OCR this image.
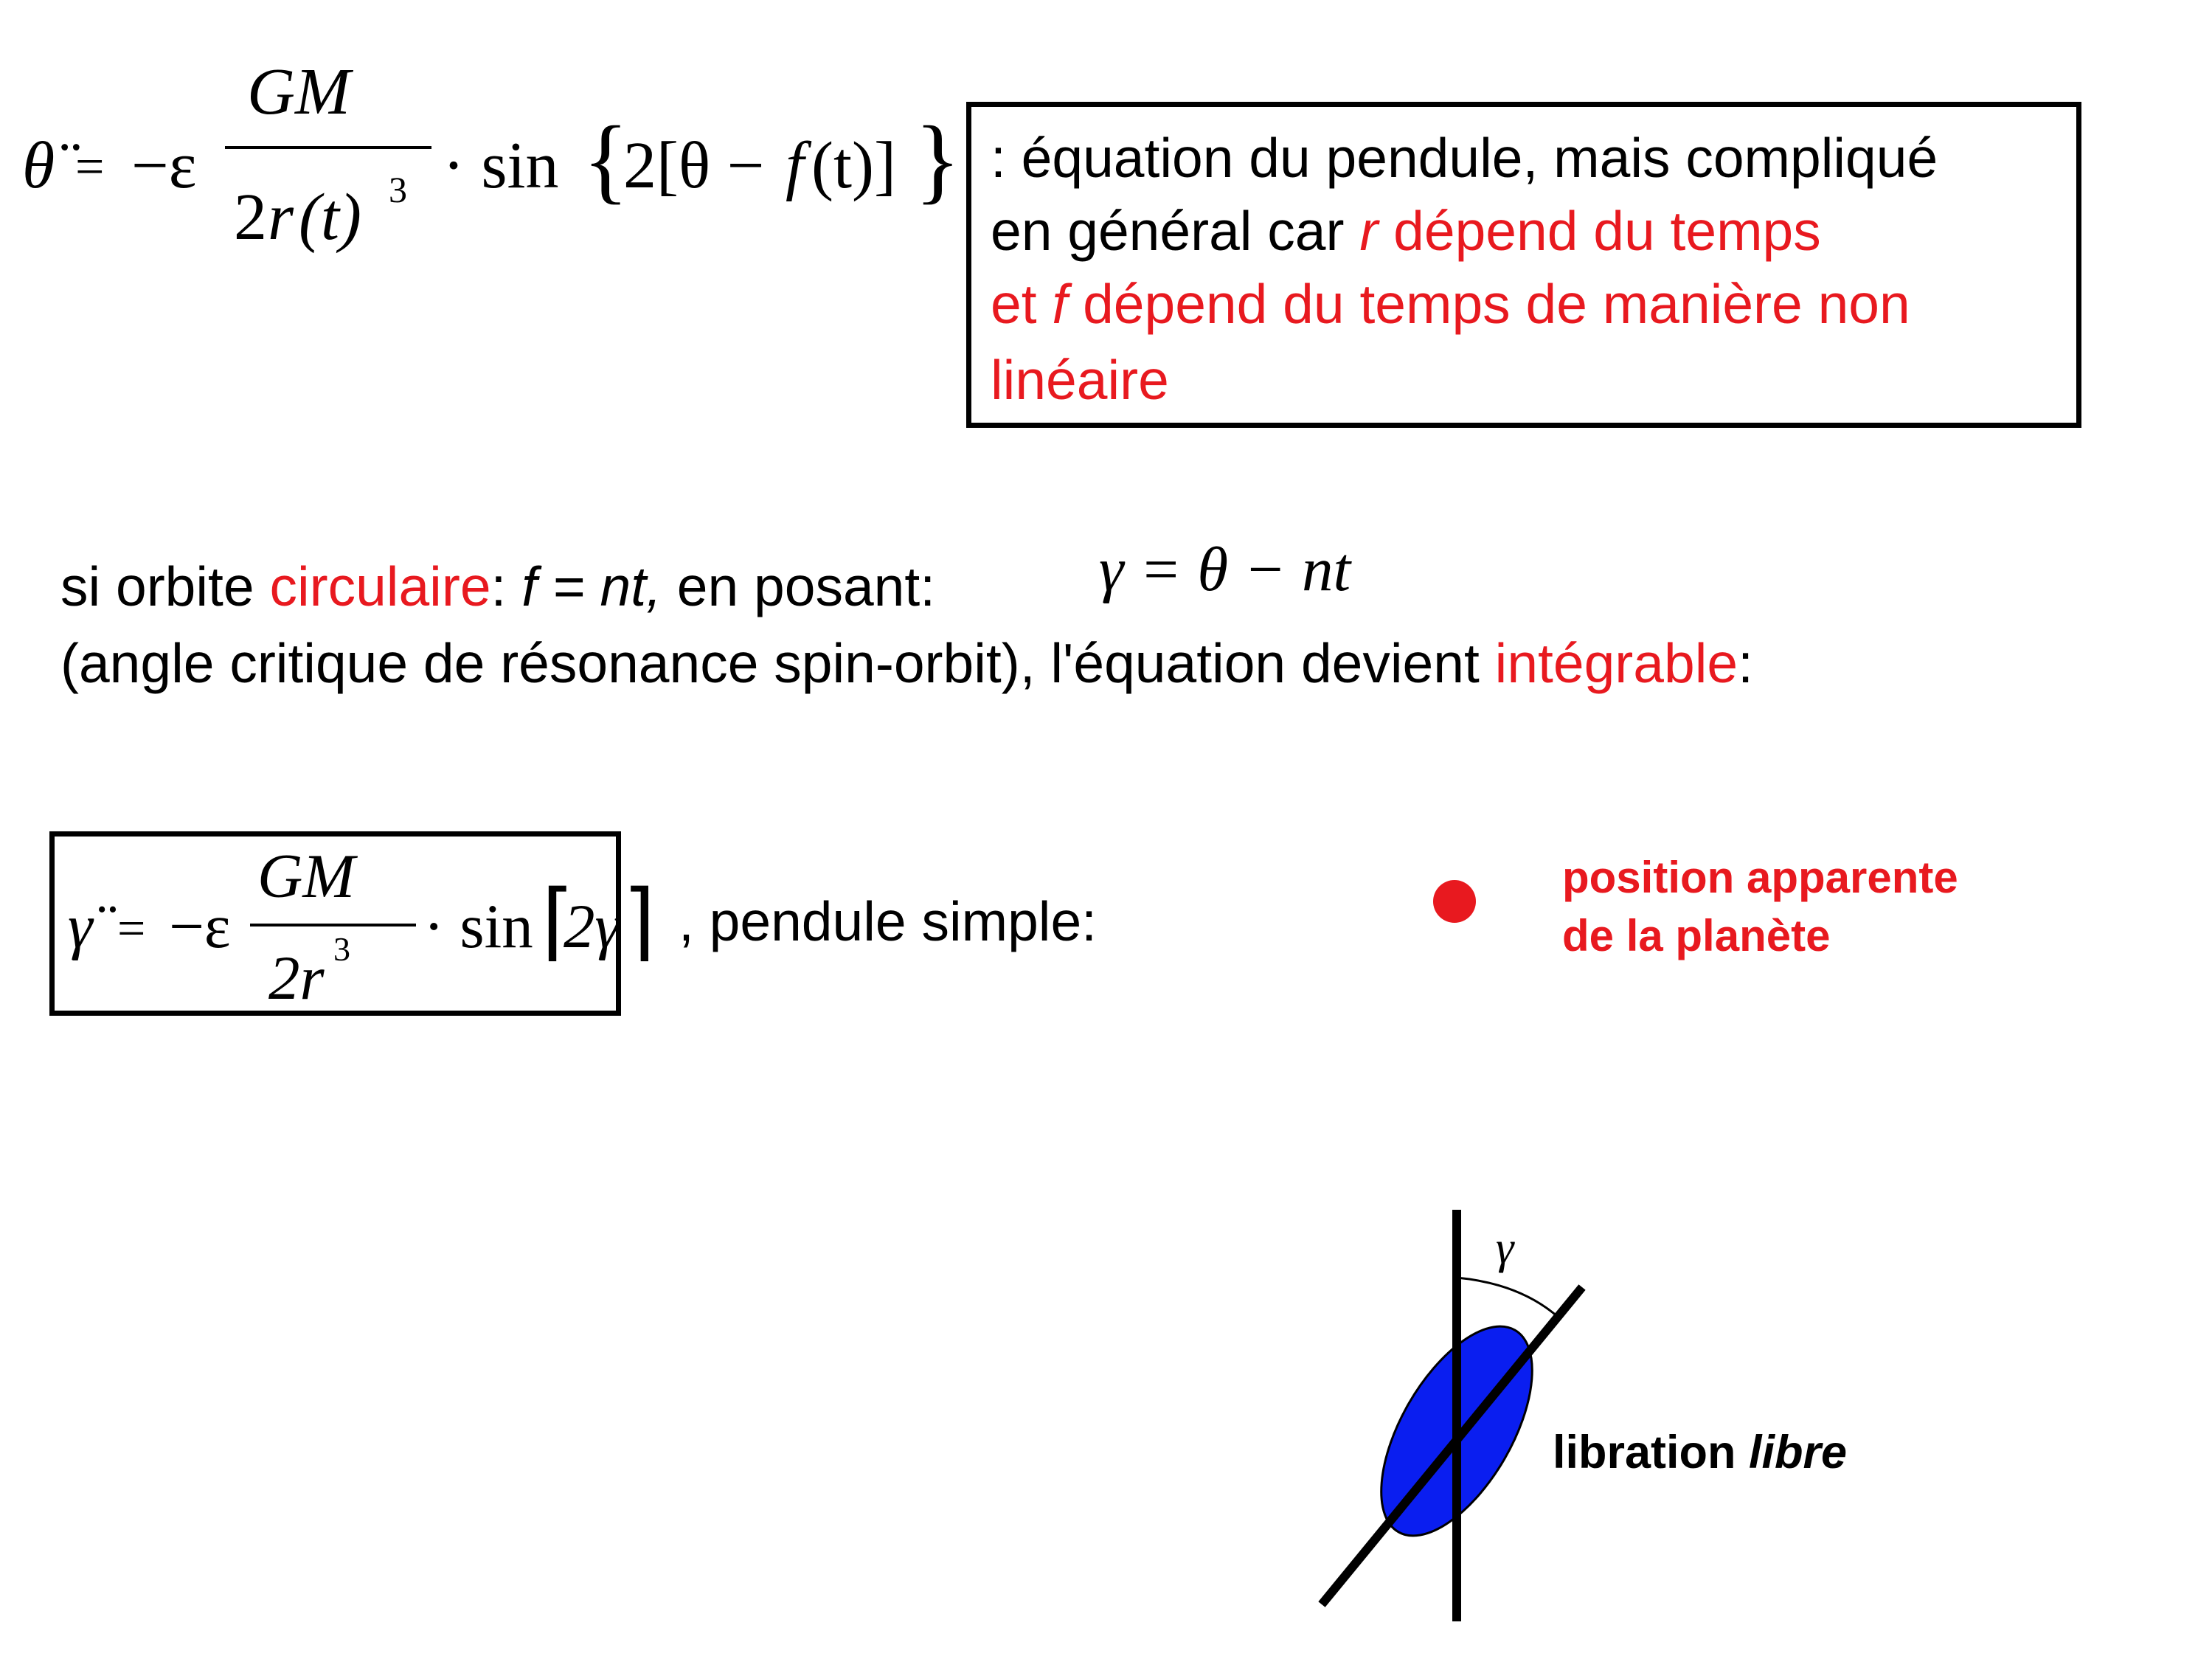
θ̈ = −ε
GM
2 r (t) 3 · sin {
2[θ − f (t)] } : équation du pendule, mais compliqué
en général car r dépend du temps
et f dépend du temps de manière non
linéaire
si orbite circulaire: f = nt, en posant:	γ = θ − nt
(angle critique de résonance spin-orbit), l'équation devient intégrable:
γ̈ = −ε
GM
2r 3 · sin ⌈
2γ ⌉ , pendule simple:
position apparente
de la planète
γ
libration libre
